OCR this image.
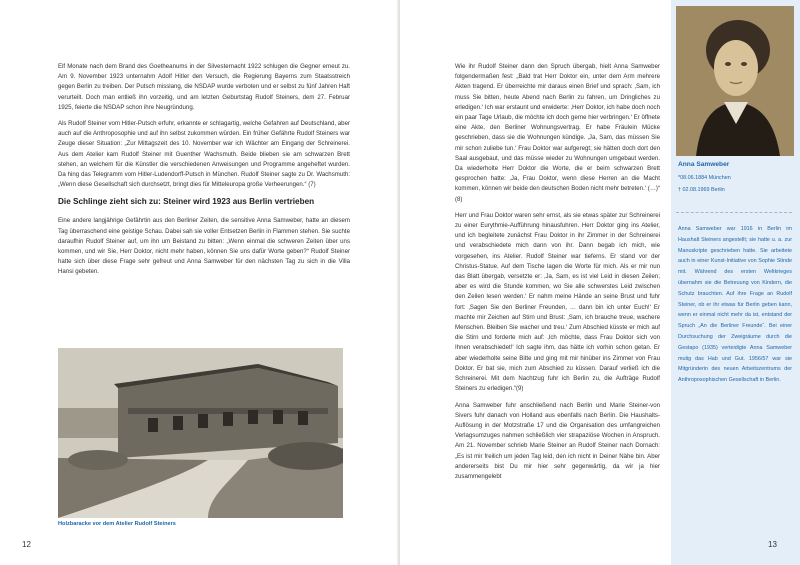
Elf Monate nach dem Brand des Goetheanums in der Silvesternacht 1922 schlugen die Gegner erneut zu. Am 9. November 1923 unternahm Adolf Hitler den Versuch, die Regierung Bayerns zum Staatsstreich gegen Berlin zu treiben. Der Putsch misslang, die NSDAP wurde verboten und er selbst zu fünf Jahren Haft verurteilt. Doch man entließ ihn vorzeitig, und am letzten Geburtstag Rudolf Steiners, dem 27. Februar 1925, feierte die NSDAP schon ihre Neugründung.

Als Rudolf Steiner vom Hitler-Putsch erfuhr, erkannte er schlagartig, welche Gefahren auf Deutschland, aber auch auf die Anthroposophie und auf ihn selbst zukommen würden. Ein früher Gefährte Rudolf Steiners war Zeuge dieser Situation: „Zur Mittagszeit des 10. November war ich Wächter am Eingang der Schreinerei. Aus dem Atelier kam Rudolf Steiner mit Guenther Wachsmuth. Beide blieben sie am schwarzen Brett stehen, an welchem für die Künstler die verschiedenen Anweisungen und Programme angeheftet wurden. Da hing das Telegramm vom Hitler-Ludendorff-Putsch in München. Rudolf Steiner sagte zu Dr. Wachsmuth: „Wenn diese Gesellschaft sich durchsetzt, bringt dies für Mitteleuropa große Verheerungen.“ (7)

Die Schlinge zieht sich zu: Steiner wird 1923 aus Berlin vertrieben

Eine andere langjährige Gefährtin aus den Berliner Zeiten, die sensitive Anna Samweber, hatte an diesem Tag überraschend eine geistige Schau. Dabei sah sie voller Entsetzen Berlin in Flammen stehen. Sie suchte daraufhin Rudolf Steiner auf, um ihn um Beistand zu bitten: „Wenn einmal die schweren Zeiten über uns kommen, und wir Sie, Herr Doktor, nicht mehr haben, können Sie uns dafür Worte geben?“ Rudolf Steiner hatte sich über diese Frage sehr gefreut und Anna Samweber für den nächsten Tag zu sich in die Villa Hansi gebeten.

Holzbaracke vor dem Atelier Rudolf Steiners
12

Wie ihr Rudolf Steiner dann den Spruch übergab, hielt Anna Samweber folgendermaßen fest: „Bald trat Herr Doktor ein, unter dem Arm mehrere Akten tragend. Er überreichte mir daraus einen Brief und sprach: ‚Sam, ich muss Sie bitten, heute Abend nach Berlin zu fahren, um Dringliches zu erledigen.‘ Ich war erstaunt und erwiderte: ‚Herr Doktor, ich habe doch noch ein paar Tage Urlaub, die möchte ich doch gerne hier verbringen.‘ Er öffnete eine Akte, den Berliner Wohnungsvertrag. Er habe Fräulein Mücke geschrieben, dass sie die Wohnungen kündige. ‚Ja, Sam, das müssen Sie mir schon zuliebe tun.‘ Frau Doktor war aufgeregt; sie hätten doch dort den Saal ausgebaut, und das müsse wieder zu Wohnungen umgebaut werden. Da wiederholte Herr Doktor die Worte, die er beim schwarzen Brett gesprochen hatte: ‚Ja, Frau Doktor, wenn diese Herren an die Macht kommen, können wir beide den deutschen Boden nicht mehr betreten.‘ (…)“ (8)

Herr und Frau Doktor waren sehr ernst, als sie etwas später zur Schreinerei zu einer Eurythmie-Aufführung hinausfuhren. Herr Doktor ging ins Atelier, und ich begleitete zunächst Frau Doktor in ihr Zimmer in der Schreinerei und verabschiedete mich dann von ihr. Dann begab ich mich, wie vorgesehen, ins Atelier. Rudolf Steiner war tieferns. Er stand vor der Christus-Statue. Auf dem Tische lagen die Worte für mich. Als er mir nun das Blatt übergab, versetzte er: ‚Ja, Sam, es ist viel Leid in diesen Zeilen; aber es wird die Stunde kommen, wo Sie alle schwerstes Leid zwischen den Zeilen lesen werden.‘ Er nahm meine Hände an seine Brust und fuhr fort: ‚Sagen Sie den Berliner Freunden, … dann bin ich unter Euch!‘ Er machte mir Zeichen auf Stirn und Brust: ‚Sam, ich brauche treue, wachere Menschen. Bleiben Sie wacher und treu.‘ Zum Abschied küsste er mich auf die Stirn und forderte mich auf: ‚Ich möchte, dass Frau Doktor sich von Ihnen verabschiedet!‘ Ich sagte ihm, das hätte ich vorhin schon getan. Er aber wiederholte seine Bitte und ging mit mir hinüber ins Zimmer von Frau Doktor. Er bat sie, mich zum Abschied zu küssen. Darauf verließ ich die Schreinerei. Mit dem Nachtzug fuhr ich Berlin zu, die Aufträge Rudolf Steiners zu erledigen.“(9)

Anna Samweber fuhr anschließend nach Berlin und Marie Steiner-von Sivers fuhr danach von Holland aus ebenfalls nach Berlin. Die Haushalts-Auflösung in der Motzstraße 17 und die Organisation des umfangreichen Verlagsumzuges nahmen schließlich vier strapaziöse Wochen in Anspruch. Am 21. November schrieb Marie Steiner an Rudolf Steiner nach Dornach: „Es ist mir freilich um jeden Tag leid, den ich nicht in Deiner Nähe bin. Aber andererseits bist Du mir hier sehr gegenwärtig, da wir ja hier zusammengelebt

Anna Samweber
*08.06.1884 München
† 02.08.1969 Berlin

Anna Samweber war 1916 in Berlin im Haushalt Steiners angestellt; sie hatte u. a. zur Manuskripte geschrieben hatte. Sie arbeitete auch in einer Kunst-Initiative von Sophie Stinde mit. Während des ersten Weltkrieges übernahm sie die Betreuung von Kindern, die Schutz brauchten. Auf ihre Frage an Rudolf Steiner, ob er ihr etwas für Berlin geben kann, wenn er einmal nicht mehr da ist, entstand der Spruch „An die Berliner Freunde“. Bei einer Durchsuchung der Zweigräume durch die Gestapo (1935) verteidigte Anna Samweber mutig das Hab und Gut. 1956/57 war sie Mitgründerin des neuen Arbeitszentrums der Anthroposophischen Gesellschaft in Berlin.

13
